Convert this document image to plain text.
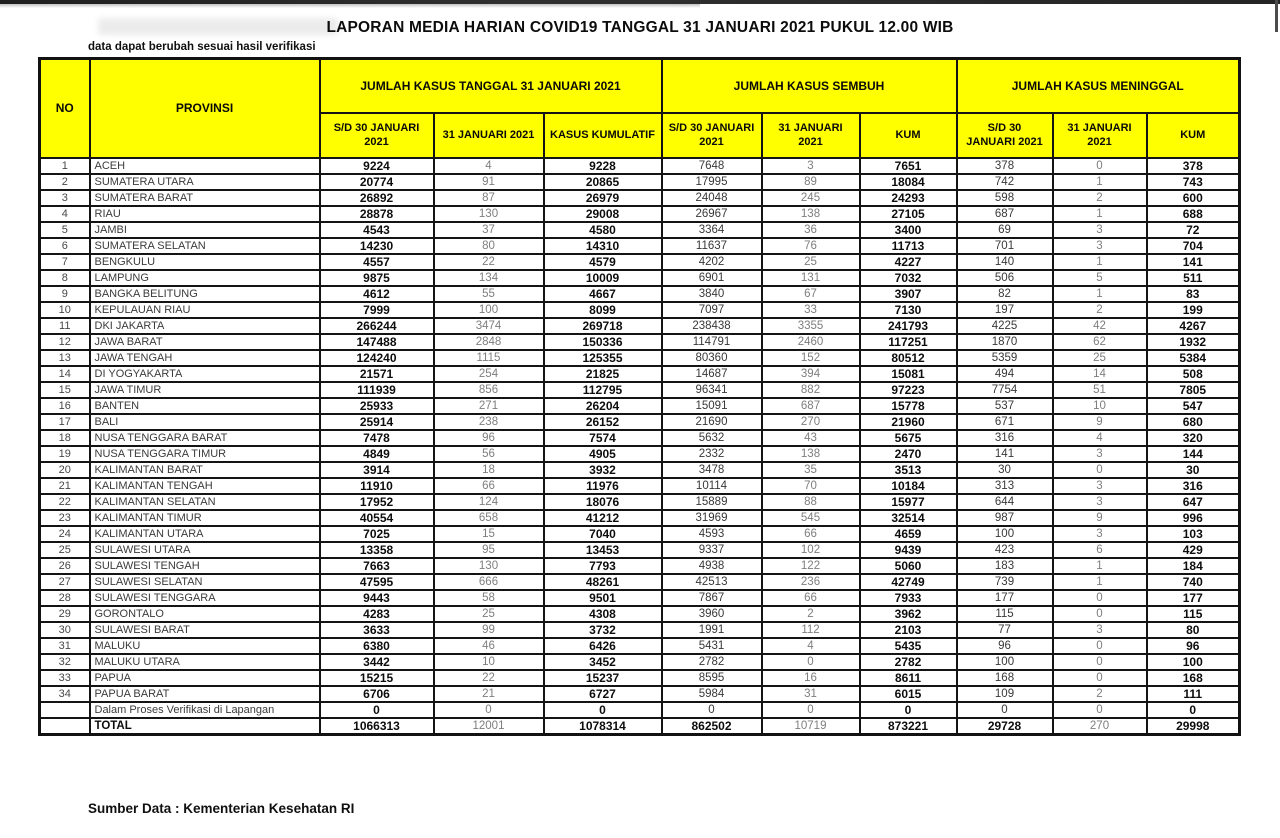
LAPORAN MEDIA HARIAN COVID19 TANGGAL 31 JANUARI 2021 PUKUL 12.00 WIB
data dapat berubah sesuai hasil verifikasi
NO	PROVINSI	JUMLAH KASUS TANGGAL 31 JANUARI 2021			JUMLAH KASUS SEMBUH			JUMLAH KASUS MENINGGAL		
		S/D 30 JANUARI 2021	31 JANUARI 2021	KASUS KUMULATIF	S/D 30 JANUARI 2021	31 JANUARI 2021	KUM	S/D 30 JANUARI 2021	31 JANUARI 2021	KUM
1	ACEH	9224	4	9228	7648	3	7651	378	0	378
2	SUMATERA UTARA	20774	91	20865	17995	89	18084	742	1	743
3	SUMATERA BARAT	26892	87	26979	24048	245	24293	598	2	600
4	RIAU	28878	130	29008	26967	138	27105	687	1	688
5	JAMBI	4543	37	4580	3364	36	3400	69	3	72
6	SUMATERA SELATAN	14230	80	14310	11637	76	11713	701	3	704
7	BENGKULU	4557	22	4579	4202	25	4227	140	1	141
8	LAMPUNG	9875	134	10009	6901	131	7032	506	5	511
9	BANGKA BELITUNG	4612	55	4667	3840	67	3907	82	1	83
10	KEPULAUAN RIAU	7999	100	8099	7097	33	7130	197	2	199
11	DKI JAKARTA	266244	3474	269718	238438	3355	241793	4225	42	4267
12	JAWA BARAT	147488	2848	150336	114791	2460	117251	1870	62	1932
13	JAWA TENGAH	124240	1115	125355	80360	152	80512	5359	25	5384
14	DI YOGYAKARTA	21571	254	21825	14687	394	15081	494	14	508
15	JAWA TIMUR	111939	856	112795	96341	882	97223	7754	51	7805
16	BANTEN	25933	271	26204	15091	687	15778	537	10	547
17	BALI	25914	238	26152	21690	270	21960	671	9	680
18	NUSA TENGGARA BARAT	7478	96	7574	5632	43	5675	316	4	320
19	NUSA TENGGARA TIMUR	4849	56	4905	2332	138	2470	141	3	144
20	KALIMANTAN BARAT	3914	18	3932	3478	35	3513	30	0	30
21	KALIMANTAN TENGAH	11910	66	11976	10114	70	10184	313	3	316
22	KALIMANTAN SELATAN	17952	124	18076	15889	88	15977	644	3	647
23	KALIMANTAN TIMUR	40554	658	41212	31969	545	32514	987	9	996
24	KALIMANTAN UTARA	7025	15	7040	4593	66	4659	100	3	103
25	SULAWESI UTARA	13358	95	13453	9337	102	9439	423	6	429
26	SULAWESI TENGAH	7663	130	7793	4938	122	5060	183	1	184
27	SULAWESI SELATAN	47595	666	48261	42513	236	42749	739	1	740
28	SULAWESI TENGGARA	9443	58	9501	7867	66	7933	177	0	177
29	GORONTALO	4283	25	4308	3960	2	3962	115	0	115
30	SULAWESI BARAT	3633	99	3732	1991	112	2103	77	3	80
31	MALUKU	6380	46	6426	5431	4	5435	96	0	96
32	MALUKU UTARA	3442	10	3452	2782	0	2782	100	0	100
33	PAPUA	15215	22	15237	8595	16	8611	168	0	168
34	PAPUA BARAT	6706	21	6727	5984	31	6015	109	2	111
	Dalam Proses Verifikasi di Lapangan	0	0	0	0	0	0	0	0	0
	TOTAL	1066313	12001	1078314	862502	10719	873221	29728	270	29998
Sumber Data : Kementerian Kesehatan RI
